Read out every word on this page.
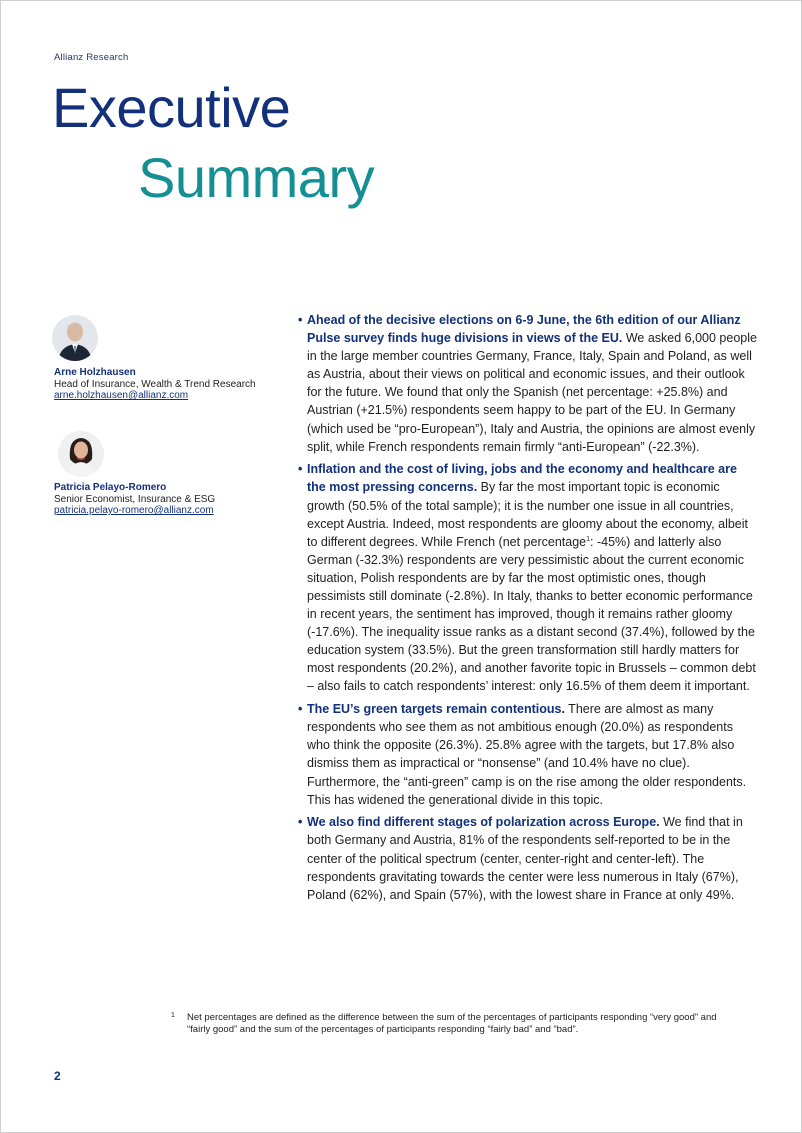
Allianz Research
Executive
Summary
Arne Holzhausen
Head of Insurance, Wealth & Trend Research
arne.holzhausen@allianz.com
Patricia Pelayo-Romero
Senior Economist, Insurance & ESG
patricia.pelayo-romero@allianz.com
• Ahead of the decisive elections on 6-9 June, the 6th edition of our Allianz Pulse survey finds huge divisions in views of the EU. We asked 6,000 people in the large member countries Germany, France, Italy, Spain and Poland, as well as Austria, about their views on political and economic issues, and their outlook for the future. We found that only the Spanish (net percentage: +25.8%) and Austrian (+21.5%) respondents seem happy to be part of the EU. In Germany (which used be “pro-European”), Italy and Austria, the opinions are almost evenly split, while French respondents remain firmly “anti-European” (-22.3%).
• Inflation and the cost of living, jobs and the economy and healthcare are the most pressing concerns. By far the most important topic is economic growth (50.5% of the total sample); it is the number one issue in all countries, except Austria. Indeed, most respondents are gloomy about the economy, albeit to different degrees. While French (net percentage$^1$: -45%) and latterly also German (-32.3%) respondents are very pessimistic about the current economic situation, Polish respondents are by far the most optimistic ones, though pessimists still dominate (-2.8%). In Italy, thanks to better economic performance in recent years, the sentiment has improved, though it remains rather gloomy (-17.6%). The inequality issue ranks as a distant second (37.4%), followed by the education system (33.5%). But the green transformation still hardly matters for most respondents (20.2%), and another favorite topic in Brussels – common debt – also fails to catch respondents’ interest: only 16.5% of them deem it important.
• The EU’s green targets remain contentious. There are almost as many respondents who see them as not ambitious enough (20.0%) as respondents who think the opposite (26.3%). 25.8% agree with the targets, but 17.8% also dismiss them as impractical or “nonsense” (and 10.4% have no clue). Furthermore, the “anti-green” camp is on the rise among the older respondents. This has widened the generational divide in this topic.
• We also find different stages of polarization across Europe. We find that in both Germany and Austria, 81% of the respondents self-reported to be in the center of the political spectrum (center, center-right and center-left). The respondents gravitating towards the center were less numerous in Italy (67%), Poland (62%), and Spain (57%), with the lowest share in France at only 49%.
1	Net percentages are defined as the difference between the sum of the percentages of participants responding “very good” and “fairly good” and the sum of the percentages of participants responding “fairly bad” and “bad”.
2
